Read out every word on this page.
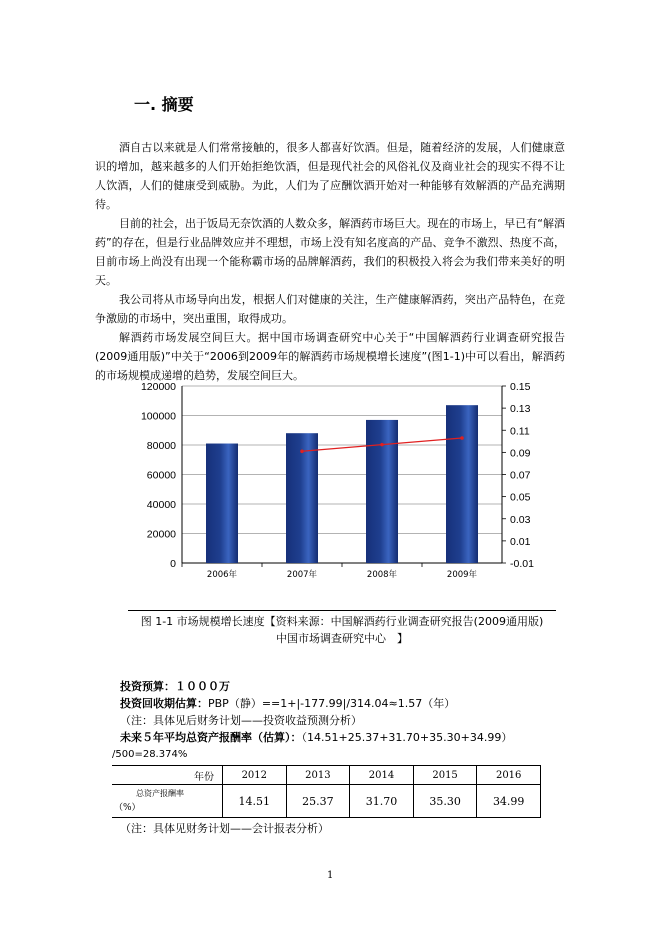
一. 摘要

酒自古以来就是人们常常接触的，很多人都喜好饮酒。但是，随着经济的发展，人们健康意识的增加，越来越多的人们开始拒绝饮酒，但是现代社会的风俗礼仪及商业社会的现实不得不让人饮酒，人们的健康受到威胁。为此，人们为了应酬饮酒开始对一种能够有效解酒的产品充满期待。

目前的社会，出于饭局无奈饮酒的人数众多，解酒药市场巨大。现在的市场上，早已有“解酒药”的存在，但是行业品牌效应并不理想，市场上没有知名度高的产品、竞争不激烈、热度不高，目前市场上尚没有出现一个能称霸市场的品牌解酒药，我们的积极投入将会为我们带来美好的明天。

我公司将从市场导向出发，根据人们对健康的关注，生产健康解酒药，突出产品特色，在竞争激励的市场中，突出重围，取得成功。

解酒药市场发展空间巨大。据中国市场调查研究中心关于“中国解酒药行业调查研究报告(2009通用版)”中关于“2006到2009年的解酒药市场规模增长速度”(图1-1)中可以看出，解酒药的市场规模成递增的趋势，发展空间巨大。

0
20000
40000
60000
80000
100000
120000
-0.01
0.01
0.03
0.05
0.07
0.09
0.11
0.13
0.15
2006年	2007年	2008年	2009年
图 1-1 市场规模增长速度【资料来源：中国解酒药行业调查研究报告(2009通用版)
中国市场调查研究中心　】
投资预算：１０００万
投资回收期估算：PBP（静）==1+|-177.99|/314.04≈1.57（年）
（注：具体见后财务计划——投资收益预测分析）
未来５年平均总资产报酬率（估算）：（14.51+25.37+31.70+35.30+34.99）
/500=28.374%
年份	2012	2013	2014	2015	2016

总资产报酬率
（%）	14.51	25.37	31.70	35.30	34.99
（注：具体见财务计划——会计报表分析）
1
